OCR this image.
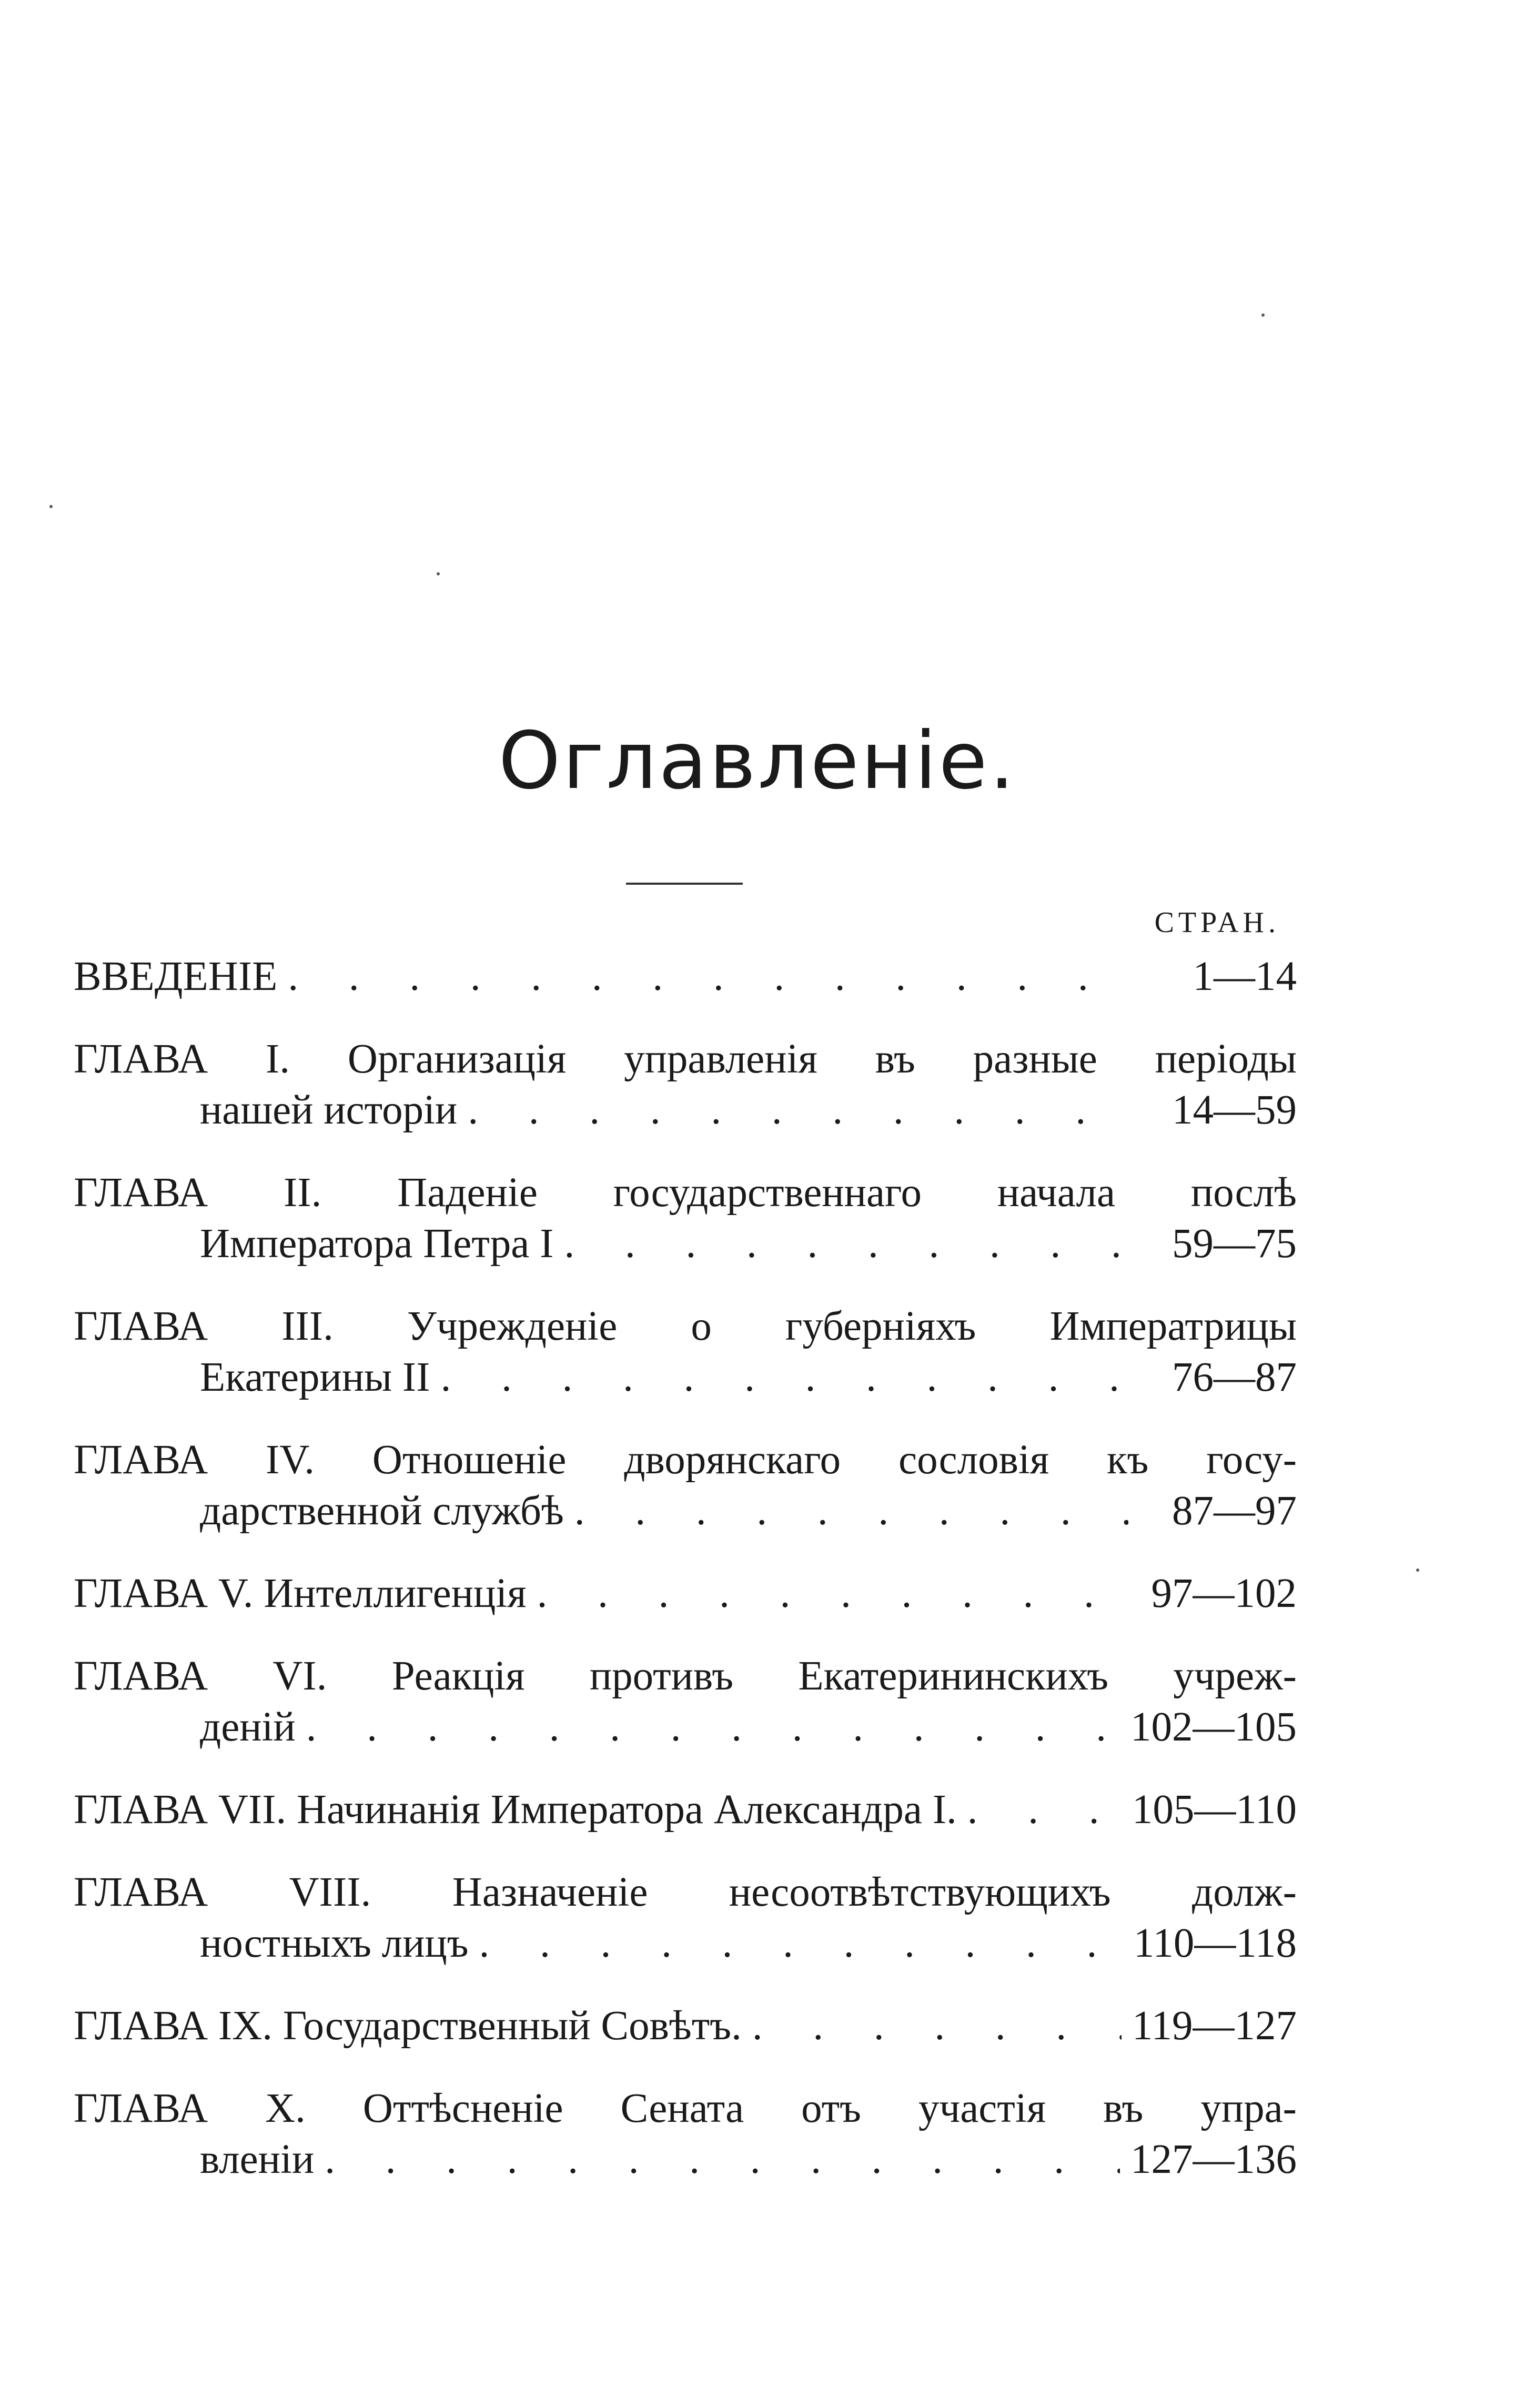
Оглавленіе.
СТРАН.
ВВЕДЕНІЕ . . .	1—14
ГЛАВА I. Организація управленія въ разные періоды
нашей исторіи . . .	14—59
ГЛАВА II. Паденіе государственнаго начала послѣ
Императора Петра I . . .	59—75
ГЛАВА III. Учрежденіе о губерніяхъ Императрицы
Екатерины II . . .	76—87
ГЛАВА IV. Отношеніе дворянскаго сословія къ госу-
дарственной службѣ . . .	87—97
ГЛАВА V. Интеллигенція . . .	97—102
ГЛАВА VI. Реакція противъ Екатерининскихъ учреж-
деній . . .	102—105
ГЛАВА VII. Начинанія Императора Александра I. . . .	105—110
ГЛАВА VIII. Назначеніе несоотвѣтствующихъ долж-
ностныхъ лицъ . . .	110—118
ГЛАВА IX. Государственный Совѣтъ. . . .	119—127
ГЛАВА X. Оттѣсненіе Сената отъ участія въ упра-
вленіи . . .	127—136
